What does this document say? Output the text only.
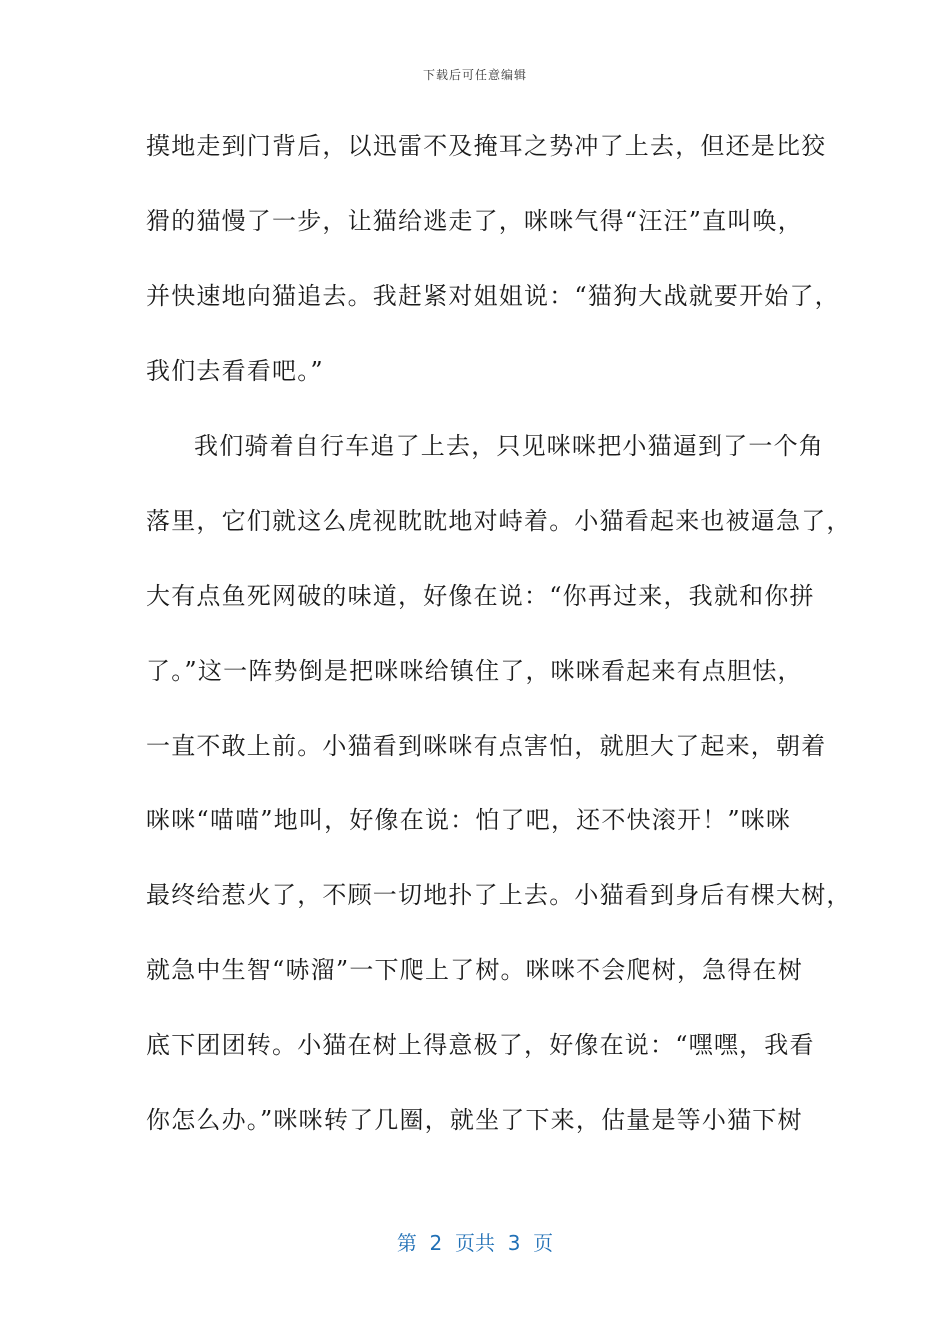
下载后可任意编辑
摸地走到门背后，以迅雷不及掩耳之势冲了上去，但还是比狡
猾的猫慢了一步，让猫给逃走了，咪咪气得“汪汪”直叫唤，
并快速地向猫追去。我赶紧对姐姐说：“猫狗大战就要开始了，
我们去看看吧。”
我们骑着自行车追了上去，只见咪咪把小猫逼到了一个角
落里，它们就这么虎视眈眈地对峙着。小猫看起来也被逼急了，
大有点鱼死网破的味道，好像在说：“你再过来，我就和你拼
了。”这一阵势倒是把咪咪给镇住了，咪咪看起来有点胆怯，
一直不敢上前。小猫看到咪咪有点害怕，就胆大了起来，朝着
咪咪“喵喵”地叫，好像在说：怕了吧，还不快滚开！”咪咪
最终给惹火了，不顾一切地扑了上去。小猫看到身后有棵大树，
就急中生智“哧溜”一下爬上了树。咪咪不会爬树，急得在树
底下团团转。小猫在树上得意极了，好像在说：“嘿嘿，我看
你怎么办。”咪咪转了几圈，就坐了下来，估量是等小猫下树
第  2  页共  3  页
